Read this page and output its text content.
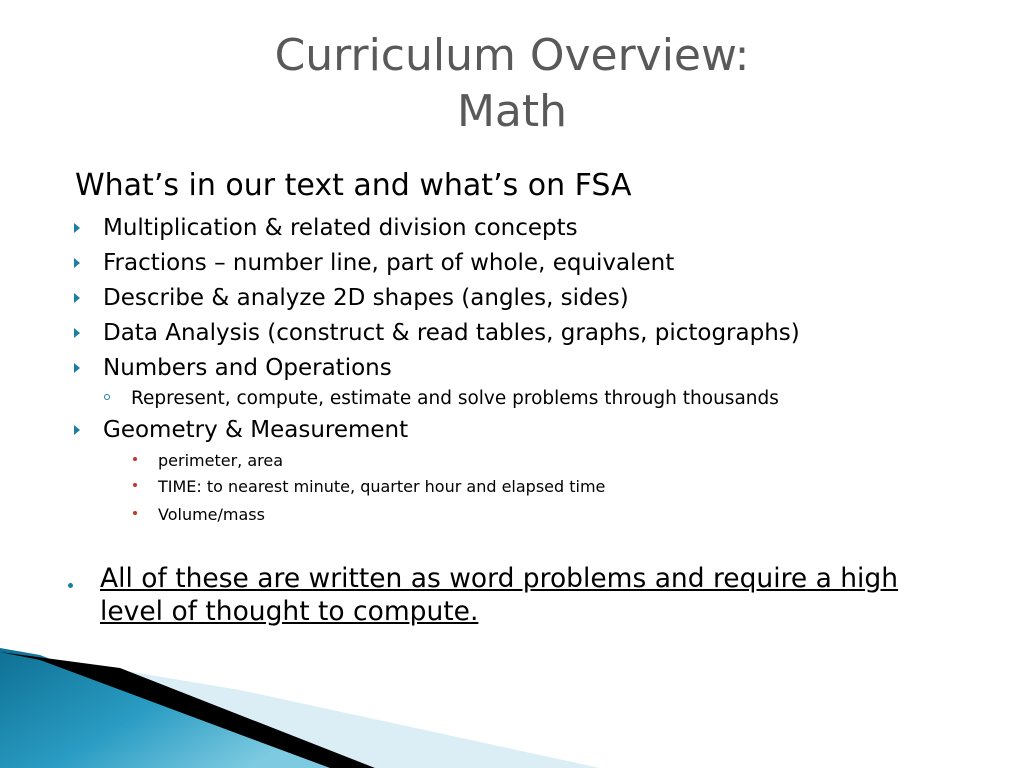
Curriculum Overview:
Math

What’s in our text and what’s on FSA

Multiplication & related division concepts
Fractions – number line, part of whole, equivalent
Describe & analyze 2D shapes (angles, sides)
Data Analysis (construct & read tables, graphs, pictographs)
Numbers and Operations
Represent, compute, estimate and solve problems through thousands
Geometry & Measurement
perimeter, area
TIME: to nearest minute, quarter hour and elapsed time
Volume/mass

All of these are written as word problems and require a high level of thought to compute.
